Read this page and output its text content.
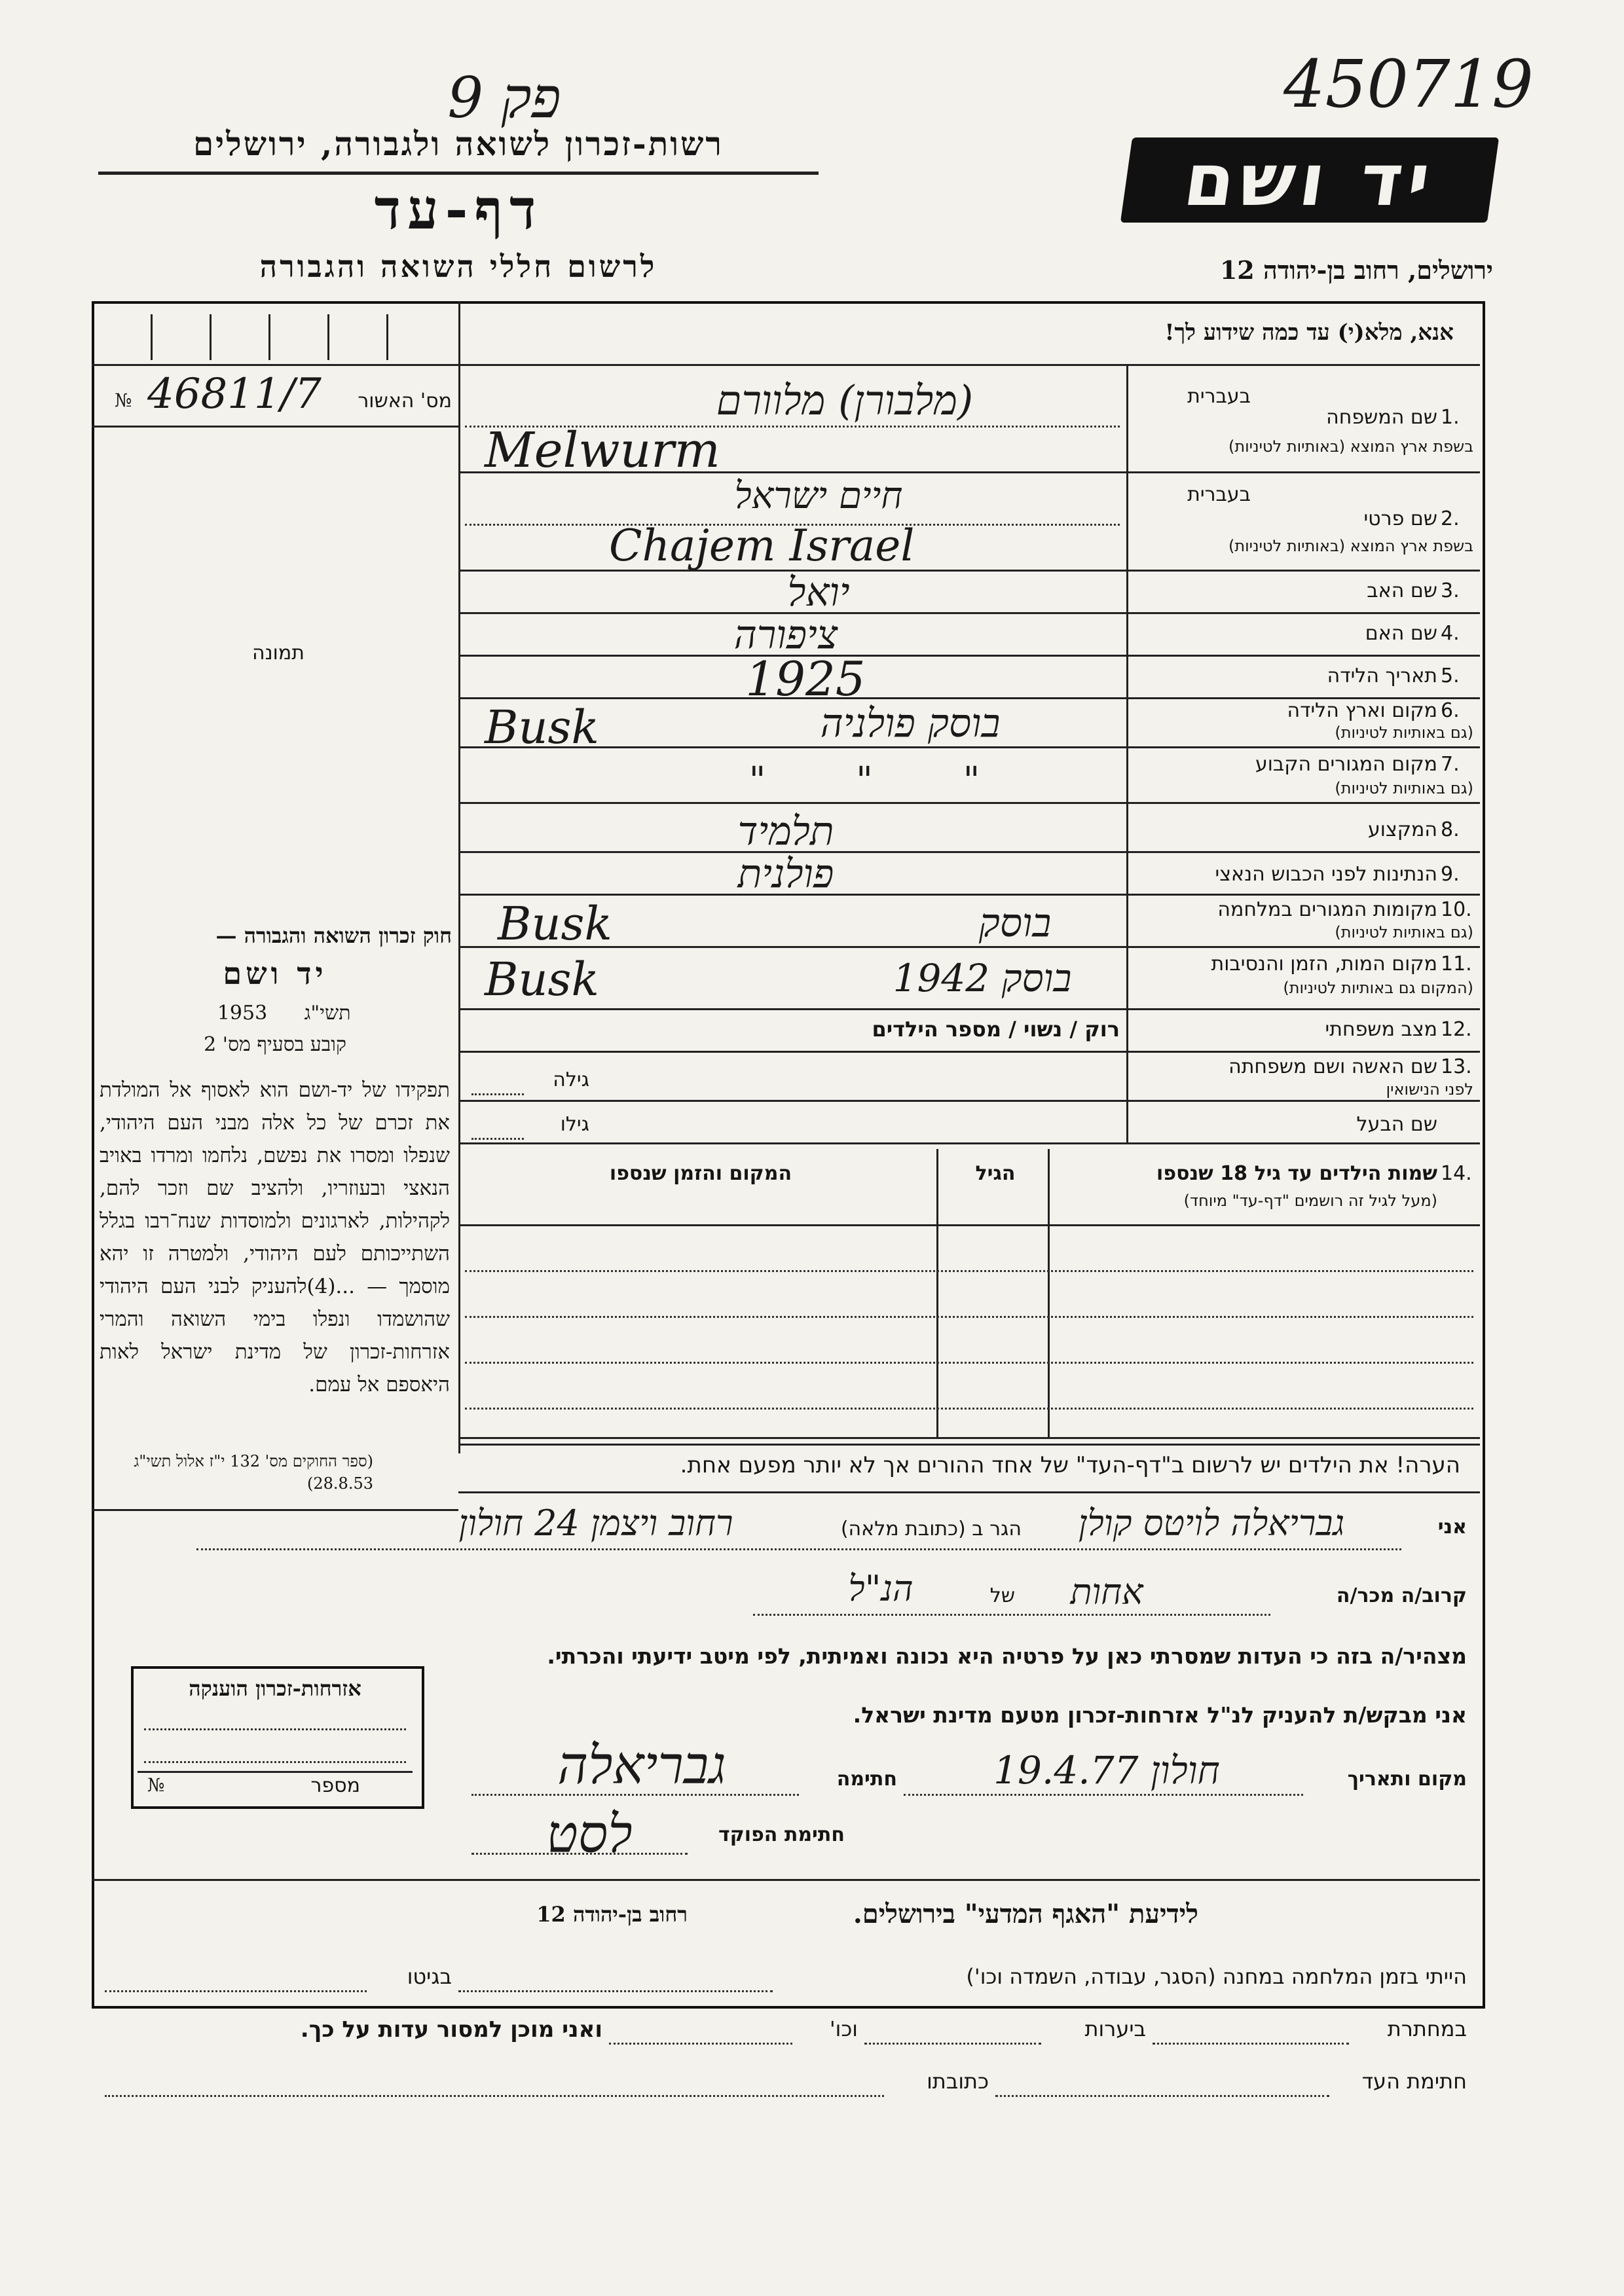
פק 9	450719
רשות-זכרון לשואה ולגבורה, ירושלים
דף-עד
לרשום חללי השואה והגבורה
יד ושם
ירושלים, רחוב בן-יהודה 12
אנא, מלא(י) עד כמה שידוע לך!
№ 46811/7	מס' האשור
תמונה
חוק זכרון השואה והגבורה —
יד ושם
תשי"ג
1953
קובע בסעיף מס' 2
תפקידו של יד-ושם הוא לאסוף אל המולדת את זכרם של כל אלה מבני העם היהודי, שנפלו ומסרו את נפשם, נלחמו ומרדו באויב הנאצי ובעוזריו, ולהציב שם וזכר להם, לקהילות, לארגונים ולמוסדות שנח־רבו בגלל השתייכותם לעם היהודי, ולמטרה זו יהא מוסמך — ...(4)להעניק לבני העם היהודי שהושמדו ונפלו בימי השואה והמרי אזרחות-זכרון של מדינת ישראל לאות היאספם אל עמם.
(ספר החוקים מס' 132 י"ז אלול תשי"ג 28.8.53)
1.
בעברית
שם המשפחה
בשפת ארץ המוצא (באותיות לטיניות)
(מלבורן) מלוורם
Melwurm
2.
בעברית
שם פרטי
בשפת ארץ המוצא (באותיות לטיניות)
חיים ישראל
Chajem Israel
3.
שם האב
יואל
4.
שם האם
ציפורה
5.
תאריך הלידה
1925
6.
מקום וארץ הלידה
(גם באותיות לטיניות)
Busk	בוסק פולניה
7.
מקום המגורים הקבוע
(גם באותיות לטיניות)
" " "
8.
המקצוע
תלמיד
9.
הנתינות לפני הכבוש הנאצי
פולנית
10.
מקומות המגורים במלחמה
(גם באותיות לטיניות)
Busk	בוסק
11.
מקום המות, הזמן והנסיבות
(המקום גם באותיות לטיניות)
Busk	בוסק 1942
12.
מצב משפחתי
רוק / נשוי / מספר הילדים
13.
שם האשה ושם משפחתה
לפני הנישואין
גילה
שם הבעל
גילו
14.
שמות הילדים עד גיל 18 שנספו
(מעל לגיל זה רושמים "דף-עד" מיוחד)
הגיל
המקום והזמן שנספו
הערה! את הילדים יש לרשום ב"דף-העד" של אחד ההורים אך לא יותר מפעם אחת.
אני
גבריאלה לויטס קולן
הגר ב (כתובת מלאה)
רחוב ויצמן 24 חולון
קרוב/ה מכר/ה
אחות
של
הנ"ל
מצהיר/ה בזה כי העדות שמסרתי כאן על פרטיה היא נכונה ואמיתית, לפי מיטב ידיעתי והכרתי.
אני מבקש/ת להעניק לנ"ל אזרחות-זכרון מטעם מדינת ישראל.
מקום ותאריך
חולון 19.4.77
חתימה
גבריאלה
חתימת הפוקד
לסט
אזרחות-זכרון הוענקה
№	מספר
לידיעת "האגף המדעי" בירושלים.
רחוב בן-יהודה 12
הייתי בזמן המלחמה במחנה (הסגר, עבודה, השמדה וכו')
בגיטו
במחתרת
ביערות
וכו'
ואני מוכן למסור עדות על כך.
חתימת העד
כתובתו
